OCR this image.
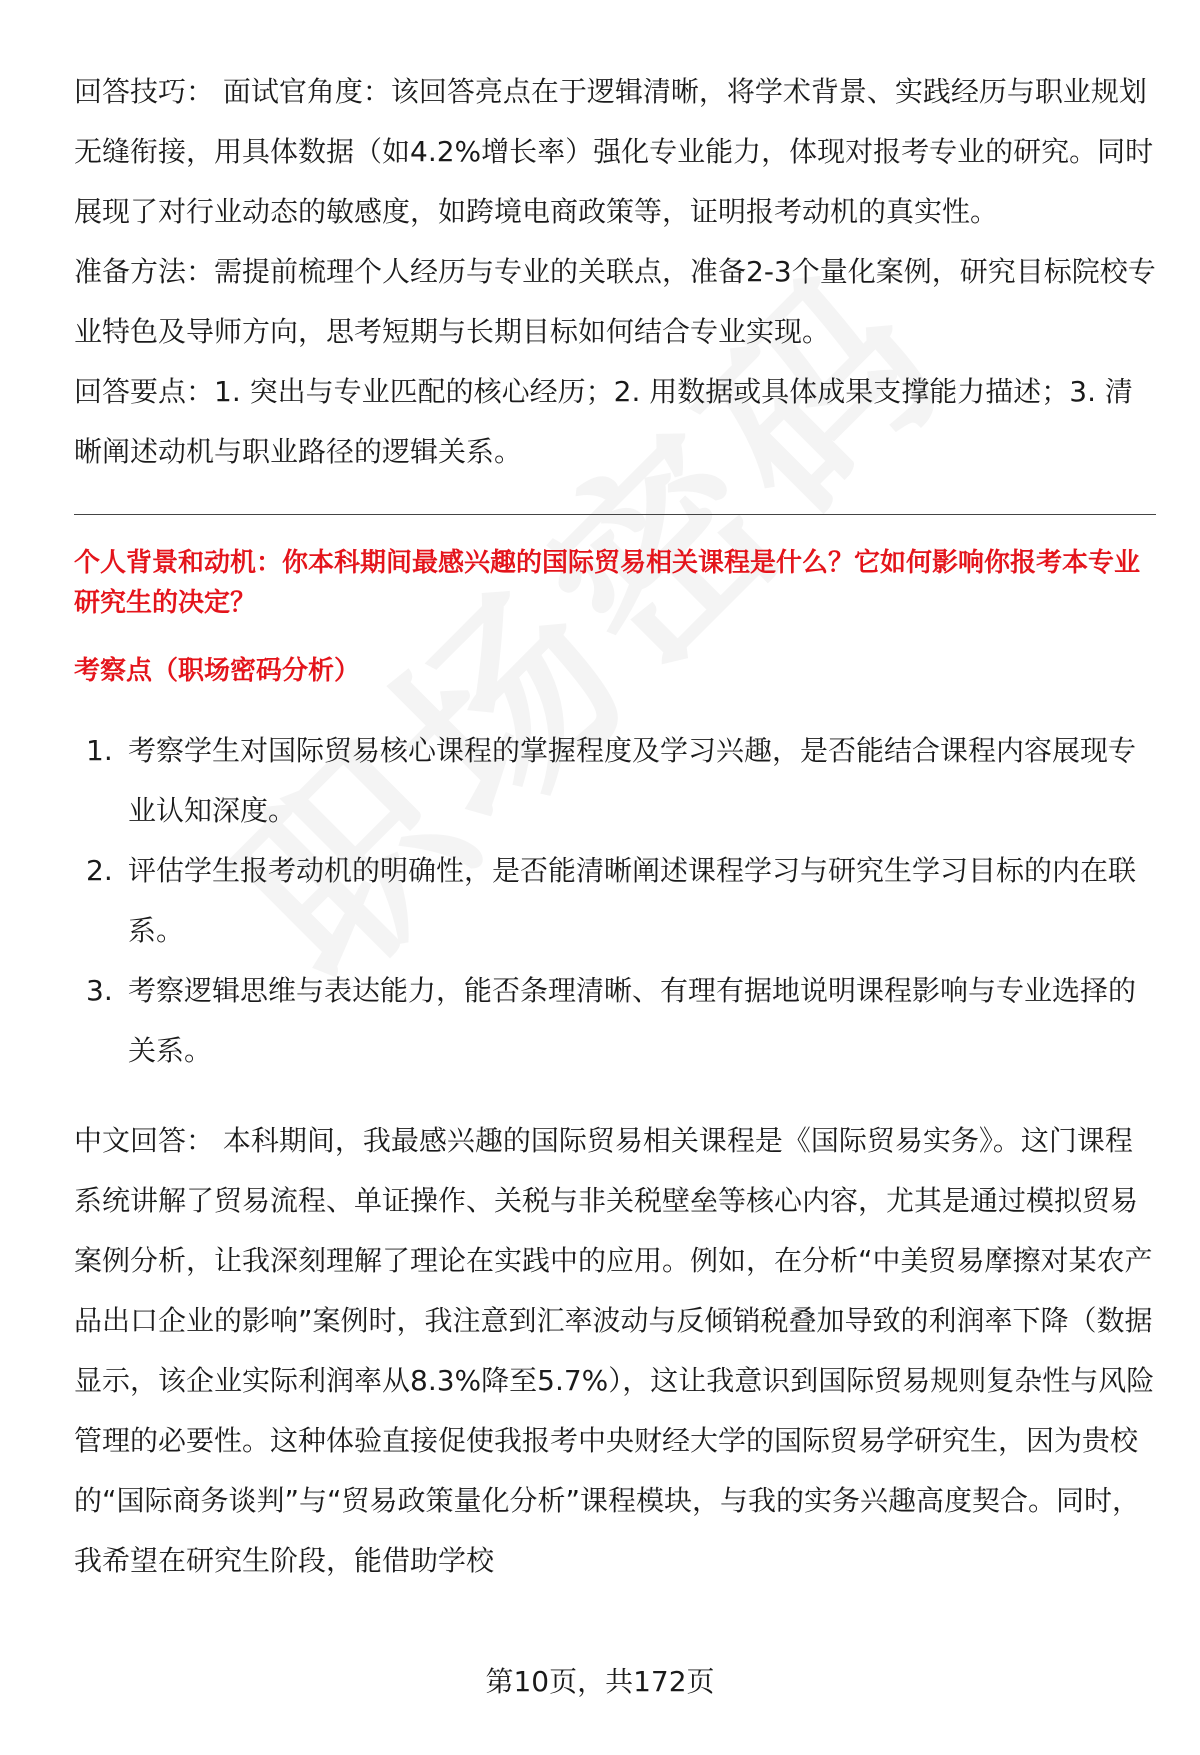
回答技巧： 面试官角度：该回答亮点在于逻辑清晰，将学术背景、实践经历与职业规划无缝衔接，用具体数据（如4.2%增长率）强化专业能力，体现对报考专业的研究。同时展现了对行业动态的敏感度，如跨境电商政策等，证明报考动机的真实性。

准备方法：需提前梳理个人经历与专业的关联点，准备2-3个量化案例，研究目标院校专业特色及导师方向，思考短期与长期目标如何结合专业实现。

回答要点：1. 突出与专业匹配的核心经历；2. 用数据或具体成果支撑能力描述；3. 清晰阐述动机与职业路径的逻辑关系。

个人背景和动机：你本科期间最感兴趣的国际贸易相关课程是什么？它如何影响你报考本专业研究生的决定？

考察点（职场密码分析）

1. 考察学生对国际贸易核心课程的掌握程度及学习兴趣，是否能结合课程内容展现专业认知深度。
2. 评估学生报考动机的明确性，是否能清晰阐述课程学习与研究生学习目标的内在联系。
3. 考察逻辑思维与表达能力，能否条理清晰、有理有据地说明课程影响与专业选择的关系。

中文回答： 本科期间，我最感兴趣的国际贸易相关课程是《国际贸易实务》。这门课程系统讲解了贸易流程、单证操作、关税与非关税壁垒等核心内容，尤其是通过模拟贸易案例分析，让我深刻理解了理论在实践中的应用。例如，在分析“中美贸易摩擦对某农产品出口企业的影响”案例时，我注意到汇率波动与反倾销税叠加导致的利润率下降（数据显示，该企业实际利润率从8.3%降至5.7%），这让我意识到国际贸易规则复杂性与风险管理的必要性。这种体验直接促使我报考中央财经大学的国际贸易学研究生，因为贵校的“国际商务谈判”与“贸易政策量化分析”课程模块，与我的实务兴趣高度契合。同时，我希望在研究生阶段，能借助学校

第10页，共172页
